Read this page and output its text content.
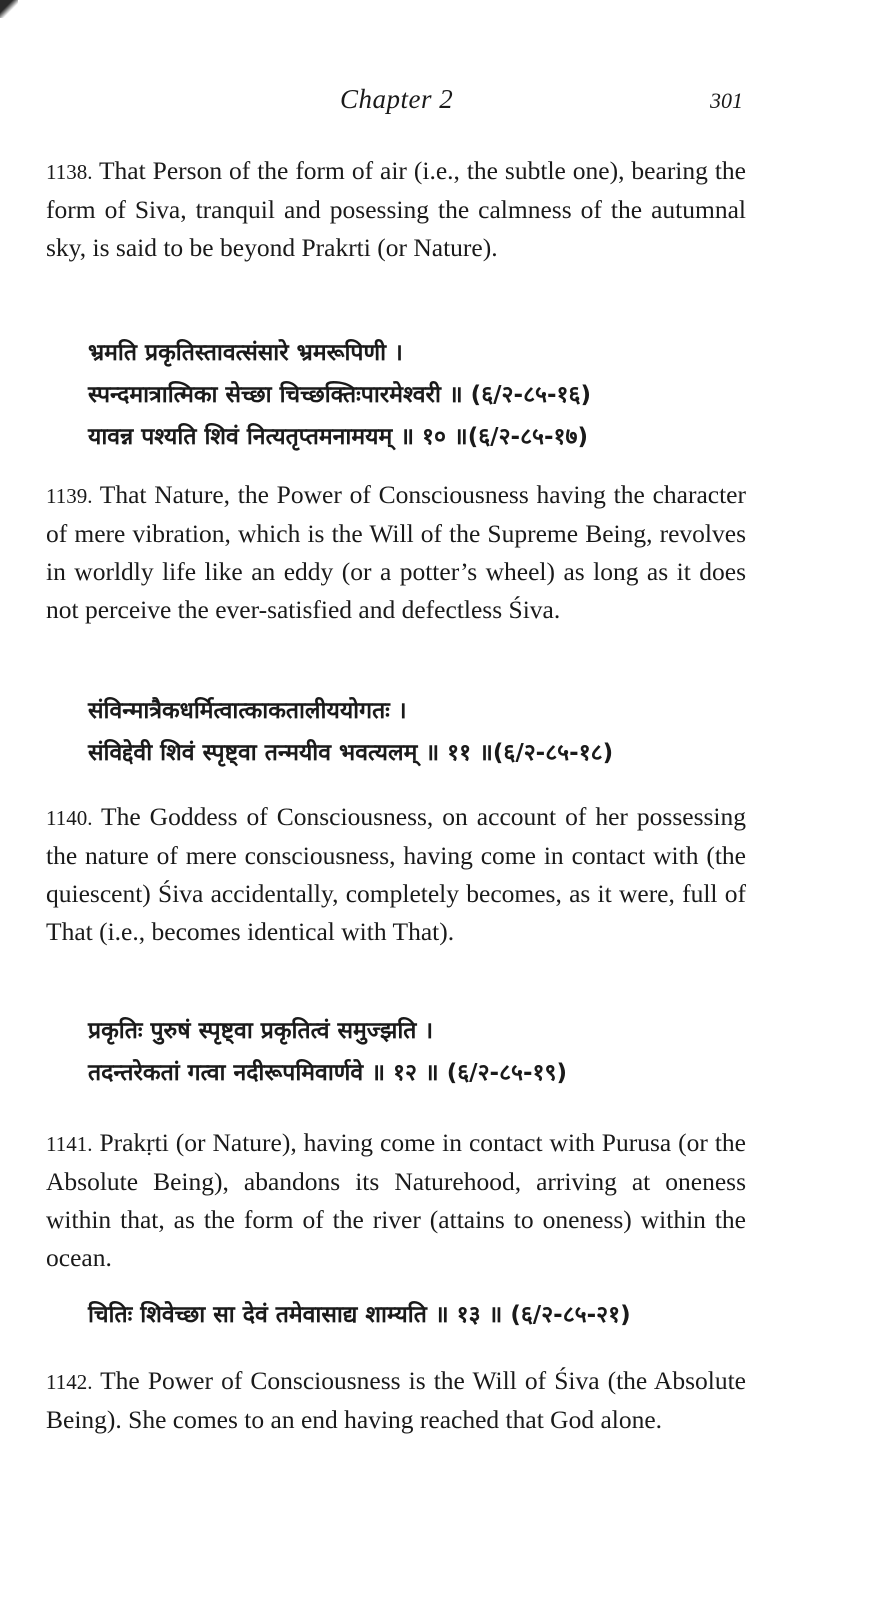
Chapter 2	301

1138. That Person of the form of air (i.e., the subtle one), bearing the form of Siva, tranquil and posessing the calmness of the autumnal sky, is said to be beyond Prakrti (or Nature).

भ्रमति प्रकृतिस्तावत्संसारे भ्रमरूपिणी ।
स्पन्दमात्रात्मिका सेच्छा चिच्छक्तिःपारमेश्वरी ॥ (६/२-८५-१६)
यावन्न पश्यति शिवं नित्यतृप्तमनामयम् ॥ १० ॥(६/२-८५-१७)

1139. That Nature, the Power of Consciousness having the character of mere vibration, which is the Will of the Supreme Being, revolves in worldly life like an eddy (or a potter’s wheel) as long as it does not perceive the ever-satisfied and defectless Śiva.

संविन्मात्रैकधर्मित्वात्काकतालीययोगतः ।
संविद्देवी शिवं स्पृष्ट्वा तन्मयीव भवत्यलम् ॥ ११ ॥(६/२-८५-१८)

1140. The Goddess of Consciousness, on account of her possessing the nature of mere consciousness, having come in contact with (the quiescent) Śiva accidentally, completely becomes, as it were, full of That (i.e., becomes identical with That).

प्रकृतिः पुरुषं स्पृष्ट्वा प्रकृतित्वं समुज्झति ।
तदन्तरेकतां गत्वा नदीरूपमिवार्णवे ॥ १२ ॥ (६/२-८५-१९)

1141. Prakṛti (or Nature), having come in contact with Purusa (or the Absolute Being), abandons its Naturehood, arriving at oneness within that, as the form of the river (attains to oneness) within the ocean.

चितिः शिवेच्छा सा देवं तमेवासाद्य शाम्यति ॥ १३ ॥ (६/२-८५-२१)

1142. The Power of Consciousness is the Will of Śiva (the Absolute Being). She comes to an end having reached that God alone.
